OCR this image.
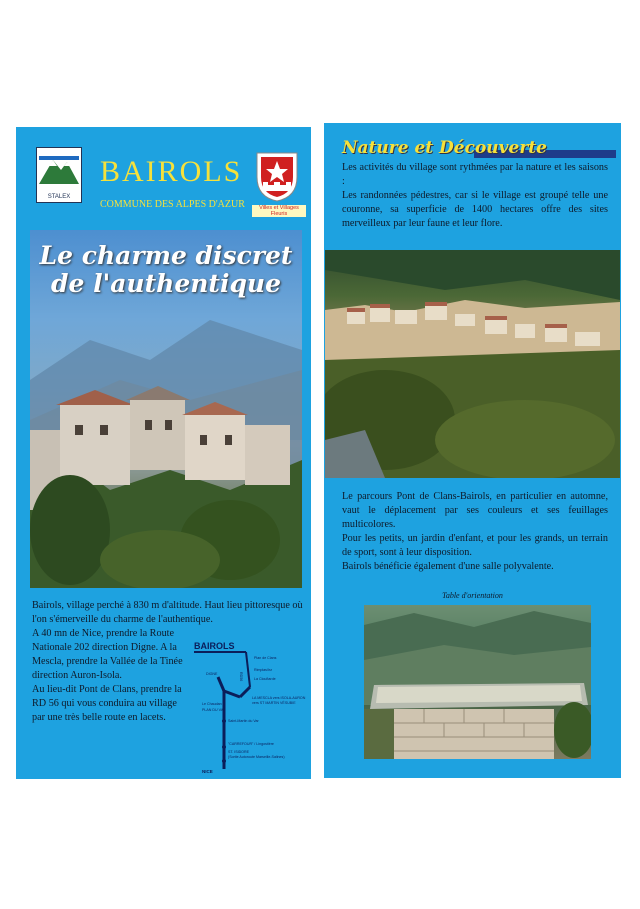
STALEX
BAIROLS
COMMUNE DES ALPES D'AZUR	Villes et Villages
Fleuris
Le charme discret
de l'authentique

Bairols, village perché à 830 m d'altitude. Haut lieu pittoresque où l'on s'émerveille du charme de l'authentique.

A 40 mn de Nice, prendre la Route Nationale 202 direction Digne. A la Mescla, prendre la Vallée de la Tinée direction Auron-Isola.

Au lieu-dit Pont de Clans, prendre la RD 56 qui vous conduira au village par une très belle route en lacets.

BAIROLS
Plan de Clans
RD56
Rimplas/Isr
La Clouïtarde
DIGNE
LA MESCLA vers ISOLA-AURON
vers ST MARTIN VÉSUBIE
Le Chaudan
PLAN DU VAR
Saint-Martin du Var
"CARREFOUR" / Lingostière
ST. ISIDORE
(Sortie Autoroute Marseille-Salines)
NICE
Nature et Découverte

Les activités du village sont rythmées par la nature et les saisons :

Les randonnées pédestres, car si le village est groupé telle une couronne, sa superficie de 1400 hectares offre des sites merveilleux par leur faune et leur flore.

Le parcours Pont de Clans-Bairols, en particulier en automne, vaut le déplacement par ses couleurs et ses feuillages multicolores.

Pour les petits, un jardin d'enfant, et pour les grands, un terrain de sport, sont à leur disposition.

Bairols bénéficie également d'une salle polyvalente.

Table d'orientation
